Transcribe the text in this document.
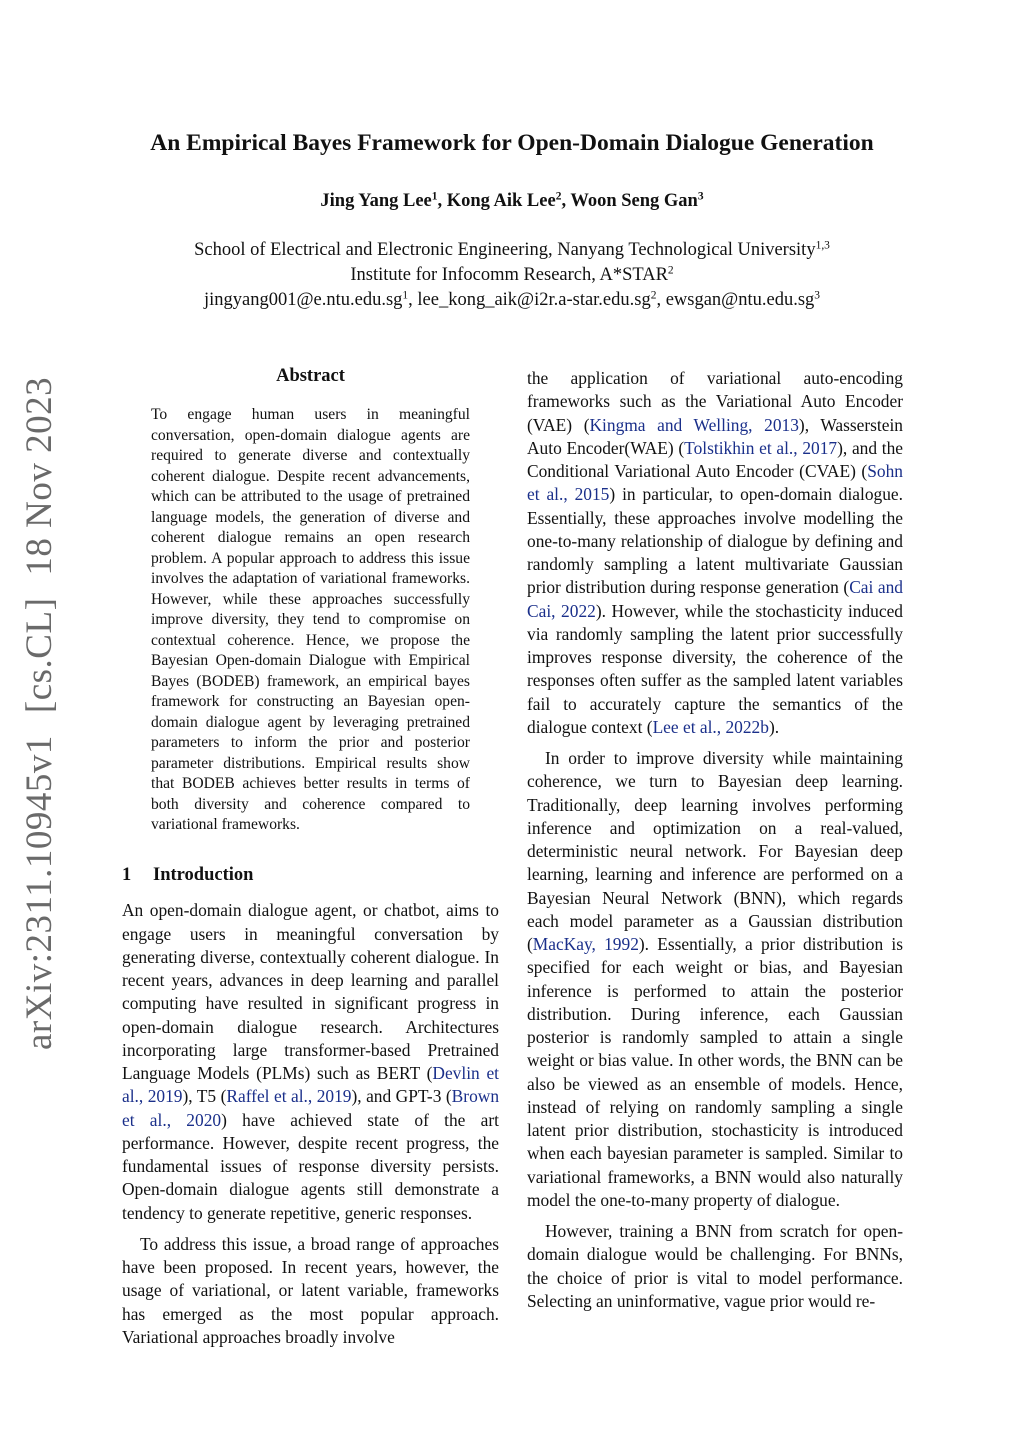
arXiv:2311.10945v1[cs.CL]18 Nov 2023
An Empirical Bayes Framework for Open-Domain Dialogue Generation
Jing Yang Lee$^1$, Kong Aik Lee$^2$, Woon Seng Gan$^3$
School of Electrical and Electronic Engineering, Nanyang Technological University$^{1,3}$
Institute for Infocomm Research, A*STAR$^2$
$jingyang001@e.ntu.edu.sg^1$, $lee\_kong\_aik@i2r.a-star.edu.sg^2$, $ewsgan@ntu.edu.sg^3$
Abstract

To engage human users in meaningful conversation, open-domain dialogue agents are required to generate diverse and contextually coherent dialogue. Despite recent advancements, which can be attributed to the usage of pretrained language models, the generation of diverse and coherent dialogue remains an open research problem. A popular approach to address this issue involves the adaptation of variational frameworks. However, while these approaches successfully improve diversity, they tend to compromise on contextual coherence. Hence, we propose the Bayesian Open-domain Dialogue with Empirical Bayes (BODEB) framework, an empirical bayes framework for constructing an Bayesian open-domain dialogue agent by leveraging pretrained parameters to inform the prior and posterior parameter distributions. Empirical results show that BODEB achieves better results in terms of both diversity and coherence compared to variational frameworks.

1 Introduction

An open-domain dialogue agent, or chatbot, aims to engage users in meaningful conversation by generating diverse, contextually coherent dialogue. In recent years, advances in deep learning and parallel computing have resulted in significant progress in open-domain dialogue research. Architectures incorporating large transformer-based Pretrained Language Models (PLMs) such as BERT (Devlin et al., 2019), T5 (Raffel et al., 2019), and GPT-3 (Brown et al., 2020) have achieved state of the art performance. However, despite recent progress, the fundamental issues of response diversity persists. Open-domain dialogue agents still demonstrate a tendency to generate repetitive, generic responses.

To address this issue, a broad range of approaches have been proposed. In recent years, however, the usage of variational, or latent variable, frameworks has emerged as the most popular approach. Variational approaches broadly involve

the application of variational auto-encoding frameworks such as the Variational Auto Encoder (VAE) (Kingma and Welling, 2013), Wasserstein Auto Encoder(WAE) (Tolstikhin et al., 2017), and the Conditional Variational Auto Encoder (CVAE) (Sohn et al., 2015) in particular, to open-domain dialogue. Essentially, these approaches involve modelling the one-to-many relationship of dialogue by defining and randomly sampling a latent multivariate Gaussian prior distribution during response generation (Cai and Cai, 2022). However, while the stochasticity induced via randomly sampling the latent prior successfully improves response diversity, the coherence of the responses often suffer as the sampled latent variables fail to accurately capture the semantics of the dialogue context (Lee et al., 2022b).

In order to improve diversity while maintaining coherence, we turn to Bayesian deep learning. Traditionally, deep learning involves performing inference and optimization on a real-valued, deterministic neural network. For Bayesian deep learning, learning and inference are performed on a Bayesian Neural Network (BNN), which regards each model parameter as a Gaussian distribution (MacKay, 1992). Essentially, a prior distribution is specified for each weight or bias, and Bayesian inference is performed to attain the posterior distribution. During inference, each Gaussian posterior is randomly sampled to attain a single weight or bias value. In other words, the BNN can be also be viewed as an ensemble of models. Hence, instead of relying on randomly sampling a single latent prior distribution, stochasticity is introduced when each bayesian parameter is sampled. Similar to variational frameworks, a BNN would also naturally model the one-to-many property of dialogue.

However, training a BNN from scratch for open-domain dialogue would be challenging. For BNNs, the choice of prior is vital to model performance. Selecting an uninformative, vague prior would re-
